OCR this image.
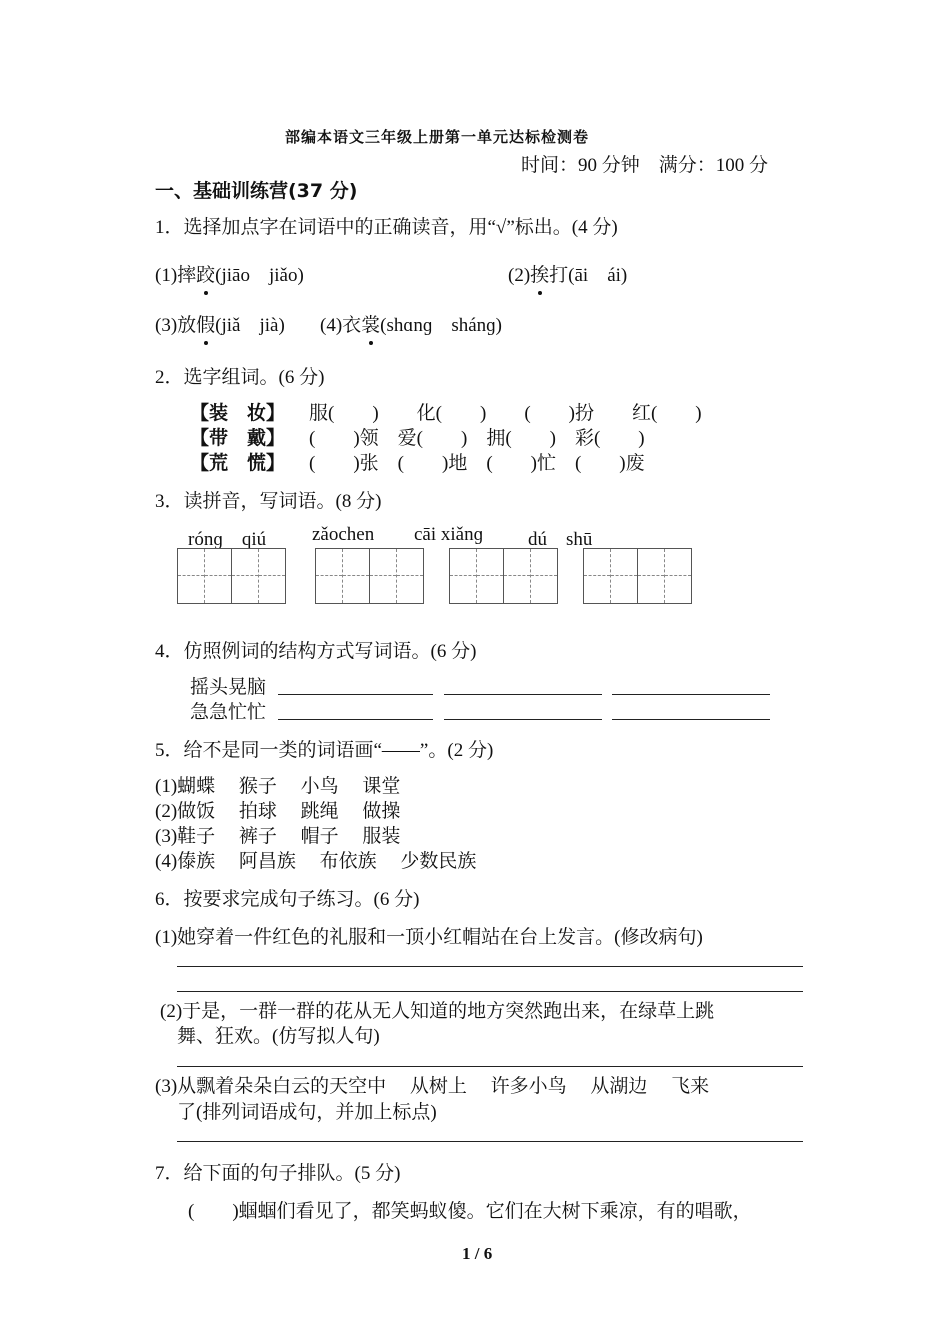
部编本语文三年级上册第一单元达标检测卷
时间：90 分钟　满分：100 分
一、基础训练营(37 分)
1．选择加点字在词语中的正确读音，用“√”标出。(4 分)
(1)摔跤(jiāo　jiǎo)	(2)挨打(āi　ái)
(3)放假(jiǎ　jià) (4)衣裳(shɑnɡ　shánɡ)
2．选字组词。(6 分)
【装　妆】 服(　　)　　化(　　)　　(　　)扮　　红(　　)
【带　戴】 (　　)领　爱(　　)　拥(　　)　彩(　　)
【荒　慌】 (　　)张　(　　)地　(　　)忙　(　　)废
3．读拼音，写词语。(8 分)
rónɡ　qiú zǎochen cāi xiǎnɡ dú　shū
4．仿照例词的结构方式写词语。(6 分)
摇头晃脑
急急忙忙
5．给不是同一类的词语画“——”。(2 分)
(1)蝴蝶　 猴子　 小鸟　 课堂
(2)做饭　 拍球　 跳绳　 做操
(3)鞋子　 裤子　 帽子　 服装
(4)傣族　 阿昌族　 布依族　 少数民族
6．按要求完成句子练习。(6 分)
(1)她穿着一件红色的礼服和一顶小红帽站在台上发言。(修改病句)
(2)于是，一群一群的花从无人知道的地方突然跑出来，在绿草上跳
舞、狂欢。(仿写拟人句)
(3)从飘着朵朵白云的天空中　 从树上　 许多小鸟　 从湖边　 飞来
了(排列词语成句，并加上标点)
7．给下面的句子排队。(5 分)
(　　)蝈蝈们看见了，都笑蚂蚁傻。它们在大树下乘凉，有的唱歌，
1 / 6
